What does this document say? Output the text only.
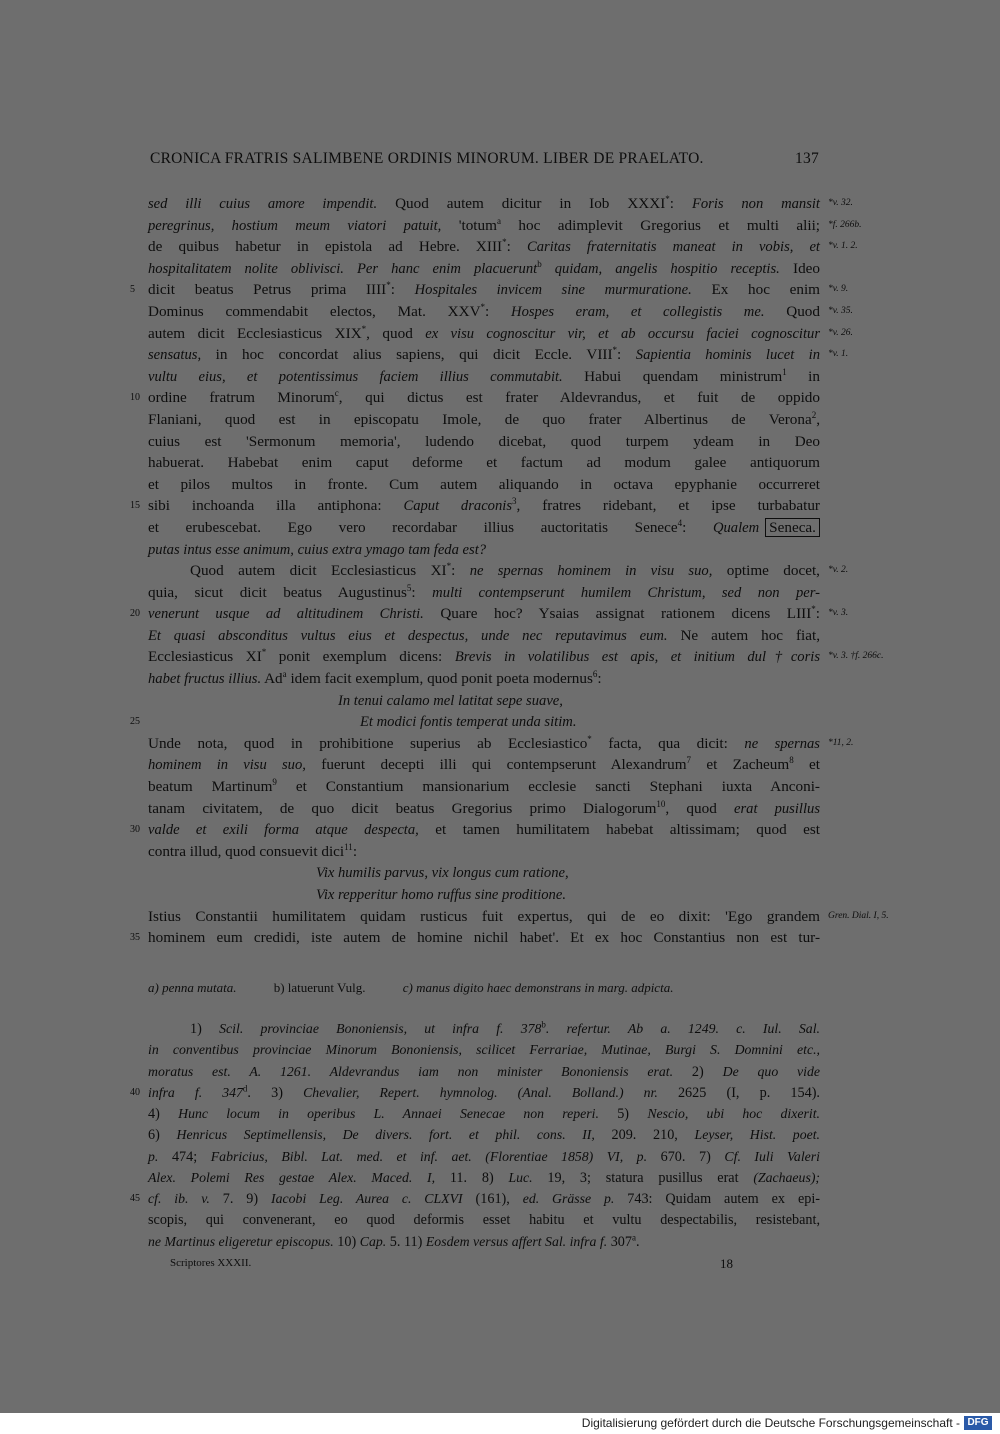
CRONICA FRATRIS SALIMBENE ORDINIS MINORUM. LIBER DE PRAELATO.	137
sed illi cuius amore impendit. Quod autem dicitur in Iob XXXI*: Foris non mansit *v. 32.
peregrinus, hostium meum viatori patuit, 'totum$^a$ hoc adimplevit Gregorius et multi alii; *f. 266b.
de quibus habetur in epistola ad Hebre. XIII*: Caritas fraternitatis maneat in vobis, et *v. 1. 2.
hospitalitatem nolite oblivisci. Per hanc enim placuerunt$^b$ quidam, angelis hospitio receptis. Ideo
5 dicit beatus Petrus prima IIII*: Hospitales invicem sine murmuratione. Ex hoc enim *v. 9.
Dominus commendabit electos, Mat. XXV*: Hospes eram, et collegistis me. Quod *v. 35.
autem dicit Ecclesiasticus XIX*, quod ex visu cognoscitur vir, et ab occursu faciei cognoscitur *v. 26.
sensatus, in hoc concordat alius sapiens, qui dicit Eccle. VIII*: Sapientia hominis lucet in *v. 1.
vultu eius, et potentissimus faciem illius commutabit. Habui quendam ministrum$^1$ in
10 ordine fratrum Minorum$^c$, qui dictus est frater Aldevrandus, et fuit de oppido
Flaniani, quod est in episcopatu Imole, de quo frater Albertinus de Verona$^2$,
cuius est 'Sermonum memoria', ludendo dicebat, quod turpem ydeam in Deo
habuerat. Habebat enim caput deforme et factum ad modum galee antiquorum
et pilos multos in fronte. Cum autem aliquando in octava epyphanie occurreret
15 sibi inchoanda illa antiphona: Caput draconis$^3$, fratres ridebant, et ipse turbabatur
et erubescebat. Ego vero recordabar illius auctoritatis Senece$^4$: Qualem Seneca.
putas intus esse animum, cuius extra ymago tam feda est?
Quod autem dicit Ecclesiasticus XI*: ne spernas hominem in visu suo, optime docet, *v. 2.
quia, sicut dicit beatus Augustinus$^5$: multi contempserunt humilem Christum, sed non per-
20 venerunt usque ad altitudinem Christi. Quare hoc? Ysaias assignat rationem dicens LIII*: *v. 3.
Et quasi absconditus vultus eius et despectus, unde nec reputavimus eum. Ne autem hoc fiat,
Ecclesiasticus XI* ponit exemplum dicens: Brevis in volatilibus est apis, et initium dul†coris *v. 3. †f. 266c.
habet fructus illius. Ad$^a$ idem facit exemplum, quod ponit poeta modernus$^6$:
In tenui calamo mel latitat sepe suave,
25	Et modici fontis temperat unda sitim.
Unde nota, quod in prohibitione superius ab Ecclesiastico* facta, qua dicit: ne spernas *11, 2.
hominem in visu suo, fuerunt decepti illi qui contempserunt Alexandrum$^7$ et Zacheum$^8$ et
beatum Martinum$^9$ et Constantium mansionarium ecclesie sancti Stephani iuxta Anconi-
tanam civitatem, de quo dicit beatus Gregorius primo Dialogorum$^{10}$, quod erat pusillus
30 valde et exili forma atque despecta, et tamen humilitatem habebat altissimam; quod est
contra illud, quod consuevit dici$^{11}$:
Vix humilis parvus, vix longus cum ratione,
Vix repperitur homo ruffus sine proditione.
Istius Constantii humilitatem quidam rusticus fuit expertus, qui de eo dixit: 'Ego grandem Gren. Dial. I, 5.
35 hominem eum credidi, iste autem de homine nichil habet'. Et ex hoc Constantius non est tur-
a) penna mutata.	b) latuerunt Vulg.	c) manus digito haec demonstrans in marg. adpicta.
1) Scil. provinciae Bononiensis, ut infra f. 378$^b$. refertur. Ab a. 1249. c. Iul. Sal.
in conventibus provinciae Minorum Bononiensis, scilicet Ferrariae, Mutinae, Burgi S. Domnini etc.,
moratus est. A. 1261. Aldevrandus iam non minister Bononiensis erat. 2) De quo vide
40 infra f. 347$^d$. 3) Chevalier, Repert. hymnolog. (Anal. Bolland.) nr. 2625 (I, p. 154).
4) Hunc locum in operibus L. Annaei Senecae non reperi. 5) Nescio, ubi hoc dixerit.
6) Henricus Septimellensis, De divers. fort. et phil. cons. II, 209. 210, Leyser, Hist. poet.
p. 474; Fabricius, Bibl. Lat. med. et inf. aet. (Florentiae 1858) VI, p. 670. 7) Cf. Iuli Valeri
Alex. Polemi Res gestae Alex. Maced. I, 11. 8) Luc. 19, 3; statura pusillus erat (Zachaeus);
45 cf. ib. v. 7. 9) Iacobi Leg. Aurea c. CLXVI (161), ed. Grässe p. 743: Quidam autem ex epi-
scopis, qui convenerant, eo quod deformis esset habitu et vultu despectabilis, resistebant,
ne Martinus eligeretur episcopus. 10) Cap. 5. 11) Eosdem versus affert Sal. infra f. 307$^a$.
Scriptores XXXII.	18
Digitalisierung gefördert durch die Deutsche Forschungsgemeinschaft - DFG
